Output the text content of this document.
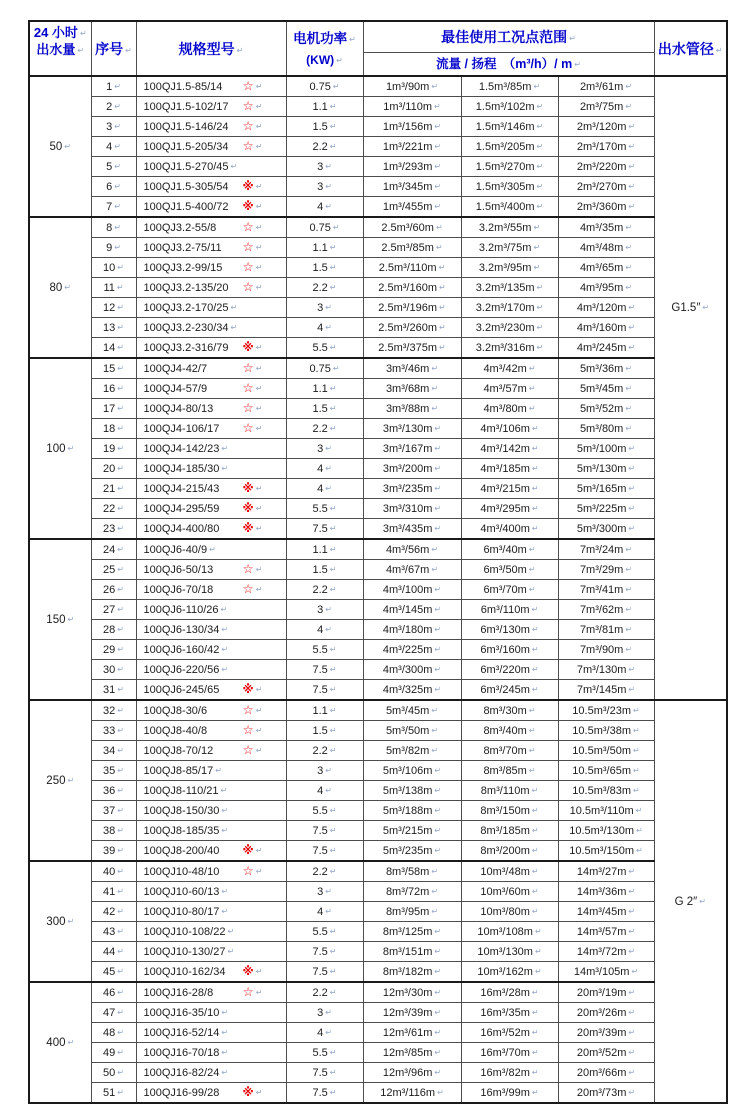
24 小时↵
出水量↵	序号↵	规格型号↵	电机功率↵
(KW)↵	最佳使用工况点范围↵			出水管径↵
				流量 / 扬程　（m³/h）/ m↵
50↵	1↵	100QJ1.5-85/14 ☆↵	0.75↵	1m³/90m↵	1.5m³/85m↵	2m³/61m↵	G1.5″↵
	2↵	100QJ1.5-102/17 ☆↵	1.1↵	1m³/110m↵	1.5m³/102m↵	2m³/75m↵
	3↵	100QJ1.5-146/24 ☆↵	1.5↵	1m³/156m↵	1.5m³/146m↵	2m³/120m↵
	4↵	100QJ1.5-205/34 ☆↵	2.2↵	1m³/221m↵	1.5m³/205m↵	2m³/170m↵
	5↵	100QJ1.5-270/45↵	3↵	1m³/293m↵	1.5m³/270m↵	2m³/220m↵
	6↵	100QJ1.5-305/54 ※↵	3↵	1m³/345m↵	1.5m³/305m↵	2m³/270m↵
	7↵	100QJ1.5-400/72 ※↵	4↵	1m³/455m↵	1.5m³/400m↵	2m³/360m↵
80↵	8↵	100QJ3.2-55/8 ☆↵	0.75↵	2.5m³/60m↵	3.2m³/55m↵	4m³/35m↵
	9↵	100QJ3.2-75/11 ☆↵	1.1↵	2.5m³/85m↵	3.2m³/75m↵	4m³/48m↵
	10↵	100QJ3.2-99/15 ☆↵	1.5↵	2.5m³/110m↵	3.2m³/95m↵	4m³/65m↵
	11↵	100QJ3.2-135/20 ☆↵	2.2↵	2.5m³/160m↵	3.2m³/135m↵	4m³/95m↵
	12↵	100QJ3.2-170/25↵	3↵	2.5m³/196m↵	3.2m³/170m↵	4m³/120m↵
	13↵	100QJ3.2-230/34↵	4↵	2.5m³/260m↵	3.2m³/230m↵	4m³/160m↵
	14↵	100QJ3.2-316/79 ※↵	5.5↵	2.5m³/375m↵	3.2m³/316m↵	4m³/245m↵
100↵	15↵	100QJ4-42/7 ☆↵	0.75↵	3m³/46m↵	4m³/42m↵	5m³/36m↵
	16↵	100QJ4-57/9 ☆↵	1.1↵	3m³/68m↵	4m³/57m↵	5m³/45m↵
	17↵	100QJ4-80/13 ☆↵	1.5↵	3m³/88m↵	4m³/80m↵	5m³/52m↵
	18↵	100QJ4-106/17 ☆↵	2.2↵	3m³/130m↵	4m³/106m↵	5m³/80m↵
	19↵	100QJ4-142/23↵	3↵	3m³/167m↵	4m³/142m↵	5m³/100m↵
	20↵	100QJ4-185/30↵	4↵	3m³/200m↵	4m³/185m↵	5m³/130m↵
	21↵	100QJ4-215/43 ※↵	4↵	3m³/235m↵	4m³/215m↵	5m³/165m↵
	22↵	100QJ4-295/59 ※↵	5.5↵	3m³/310m↵	4m³/295m↵	5m³/225m↵
	23↵	100QJ4-400/80 ※↵	7.5↵	3m³/435m↵	4m³/400m↵	5m³/300m↵
150↵	24↵	100QJ6-40/9↵	1.1↵	4m³/56m↵	6m³/40m↵	7m³/24m↵
	25↵	100QJ6-50/13 ☆↵	1.5↵	4m³/67m↵	6m³/50m↵	7m³/29m↵
	26↵	100QJ6-70/18 ☆↵	2.2↵	4m³/100m↵	6m³/70m↵	7m³/41m↵
	27↵	100QJ6-110/26↵	3↵	4m³/145m↵	6m³/110m↵	7m³/62m↵
	28↵	100QJ6-130/34↵	4↵	4m³/180m↵	6m³/130m↵	7m³/81m↵
	29↵	100QJ6-160/42↵	5.5↵	4m³/225m↵	6m³/160m↵	7m³/90m↵
	30↵	100QJ6-220/56↵	7.5↵	4m³/300m↵	6m³/220m↵	7m³/130m↵
	31↵	100QJ6-245/65 ※↵	7.5↵	4m³/325m↵	6m³/245m↵	7m³/145m↵
250↵	32↵	100QJ8-30/6 ☆↵	1.1↵	5m³/45m↵	8m³/30m↵	10.5m³/23m↵	G 2″↵
	33↵	100QJ8-40/8 ☆↵	1.5↵	5m³/50m↵	8m³/40m↵	10.5m³/38m↵
	34↵	100QJ8-70/12 ☆↵	2.2↵	5m³/82m↵	8m³/70m↵	10.5m³/50m↵
	35↵	100QJ8-85/17↵	3↵	5m³/106m↵	8m³/85m↵	10.5m³/65m↵
	36↵	100QJ8-110/21↵	4↵	5m³/138m↵	8m³/110m↵	10.5m³/83m↵
	37↵	100QJ8-150/30↵	5.5↵	5m³/188m↵	8m³/150m↵	10.5m³/110m↵
	38↵	100QJ8-185/35↵	7.5↵	5m³/215m↵	8m³/185m↵	10.5m³/130m↵
	39↵	100QJ8-200/40 ※↵	7.5↵	5m³/235m↵	8m³/200m↵	10.5m³/150m↵
300↵	40↵	100QJ10-48/10 ☆↵	2.2↵	8m³/58m↵	10m³/48m↵	14m³/27m↵
	41↵	100QJ10-60/13↵	3↵	8m³/72m↵	10m³/60m↵	14m³/36m↵
	42↵	100QJ10-80/17↵	4↵	8m³/95m↵	10m³/80m↵	14m³/45m↵
	43↵	100QJ10-108/22↵	5.5↵	8m³/125m↵	10m³/108m↵	14m³/57m↵
	44↵	100QJ10-130/27↵	7.5↵	8m³/151m↵	10m³/130m↵	14m³/72m↵
	45↵	100QJ10-162/34 ※↵	7.5↵	8m³/182m↵	10m³/162m↵	14m³/105m↵
400↵	46↵	100QJ16-28/8 ☆↵	2.2↵	12m³/30m↵	16m³/28m↵	20m³/19m↵
	47↵	100QJ16-35/10↵	3↵	12m³/39m↵	16m³/35m↵	20m³/26m↵
	48↵	100QJ16-52/14↵	4↵	12m³/61m↵	16m³/52m↵	20m³/39m↵
	49↵	100QJ16-70/18↵	5.5↵	12m³/85m↵	16m³/70m↵	20m³/52m↵
	50↵	100QJ16-82/24↵	7.5↵	12m³/96m↵	16m³/82m↵	20m³/66m↵
	51↵	100QJ16-99/28 ※↵	7.5↵	12m³/116m↵	16m³/99m↵	20m³/73m↵
